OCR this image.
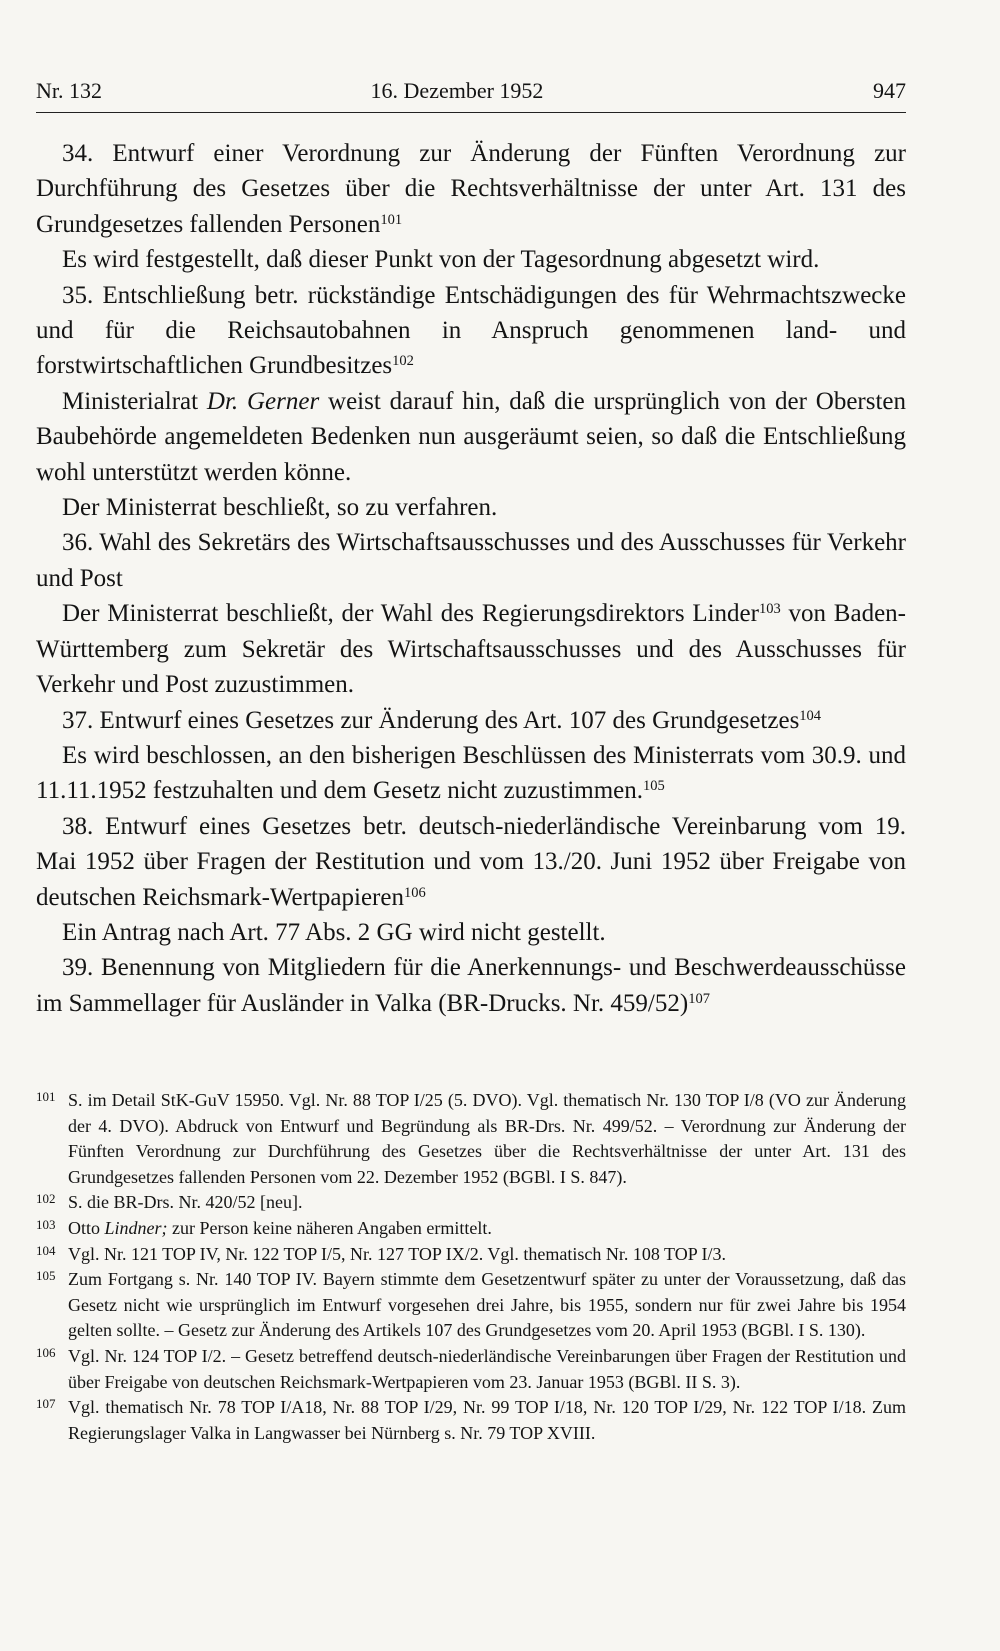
Nr. 132	16. Dezember 1952	947

34. Entwurf einer Verordnung zur Änderung der Fünften Verordnung zur Durchführung des Gesetzes über die Rechtsverhältnisse der unter Art. 131 des Grundgesetzes fallenden Personen$^{101}$

Es wird festgestellt, daß dieser Punkt von der Tagesordnung abgesetzt wird.

35. Entschließung betr. rückständige Entschädigungen des für Wehrmachtszwecke und für die Reichsautobahnen in Anspruch genommenen land- und forstwirtschaftlichen Grundbesitzes$^{102}$

Ministerialrat Dr. Gerner weist darauf hin, daß die ursprünglich von der Obersten Baubehörde angemeldeten Bedenken nun ausgeräumt seien, so daß die Entschließung wohl unterstützt werden könne.

Der Ministerrat beschließt, so zu verfahren.

36. Wahl des Sekretärs des Wirtschaftsausschusses und des Ausschusses für Verkehr und Post

Der Ministerrat beschließt, der Wahl des Regierungsdirektors Linder$^{103}$ von Baden-Württemberg zum Sekretär des Wirtschaftsausschusses und des Ausschusses für Verkehr und Post zuzustimmen.

37. Entwurf eines Gesetzes zur Änderung des Art. 107 des Grundgesetzes$^{104}$

Es wird beschlossen, an den bisherigen Beschlüssen des Ministerrats vom 30.9. und 11.11.1952 festzuhalten und dem Gesetz nicht zuzustimmen.$^{105}$

38. Entwurf eines Gesetzes betr. deutsch-niederländische Vereinbarung vom 19. Mai 1952 über Fragen der Restitution und vom 13./20. Juni 1952 über Freigabe von deutschen Reichsmark-Wertpapieren$^{106}$

Ein Antrag nach Art. 77 Abs. 2 GG wird nicht gestellt.

39. Benennung von Mitgliedern für die Anerkennungs- und Beschwerdeausschüsse im Sammellager für Ausländer in Valka (BR-Drucks. Nr. 459/52)$^{107}$

101 S. im Detail StK-GuV 15950. Vgl. Nr. 88 TOP I/25 (5. DVO). Vgl. thematisch Nr. 130 TOP I/8 (VO zur Änderung der 4. DVO). Abdruck von Entwurf und Begründung als BR-Drs. Nr. 499/52. – Verordnung zur Änderung der Fünften Verordnung zur Durchführung des Gesetzes über die Rechtsverhältnisse der unter Art. 131 des Grundgesetzes fallenden Personen vom 22. Dezember 1952 (BGBl. I S. 847).

102 S. die BR-Drs. Nr. 420/52 [neu].

103 Otto Lindner; zur Person keine näheren Angaben ermittelt.

104 Vgl. Nr. 121 TOP IV, Nr. 122 TOP I/5, Nr. 127 TOP IX/2. Vgl. thematisch Nr. 108 TOP I/3.

105 Zum Fortgang s. Nr. 140 TOP IV. Bayern stimmte dem Gesetzentwurf später zu unter der Voraussetzung, daß das Gesetz nicht wie ursprünglich im Entwurf vorgesehen drei Jahre, bis 1955, sondern nur für zwei Jahre bis 1954 gelten sollte. – Gesetz zur Änderung des Artikels 107 des Grundgesetzes vom 20. April 1953 (BGBl. I S. 130).

106 Vgl. Nr. 124 TOP I/2. – Gesetz betreffend deutsch-niederländische Vereinbarungen über Fragen der Restitution und über Freigabe von deutschen Reichsmark-Wertpapieren vom 23. Januar 1953 (BGBl. II S. 3).

107 Vgl. thematisch Nr. 78 TOP I/A18, Nr. 88 TOP I/29, Nr. 99 TOP I/18, Nr. 120 TOP I/29, Nr. 122 TOP I/18. Zum Regierungslager Valka in Langwasser bei Nürnberg s. Nr. 79 TOP XVIII.
